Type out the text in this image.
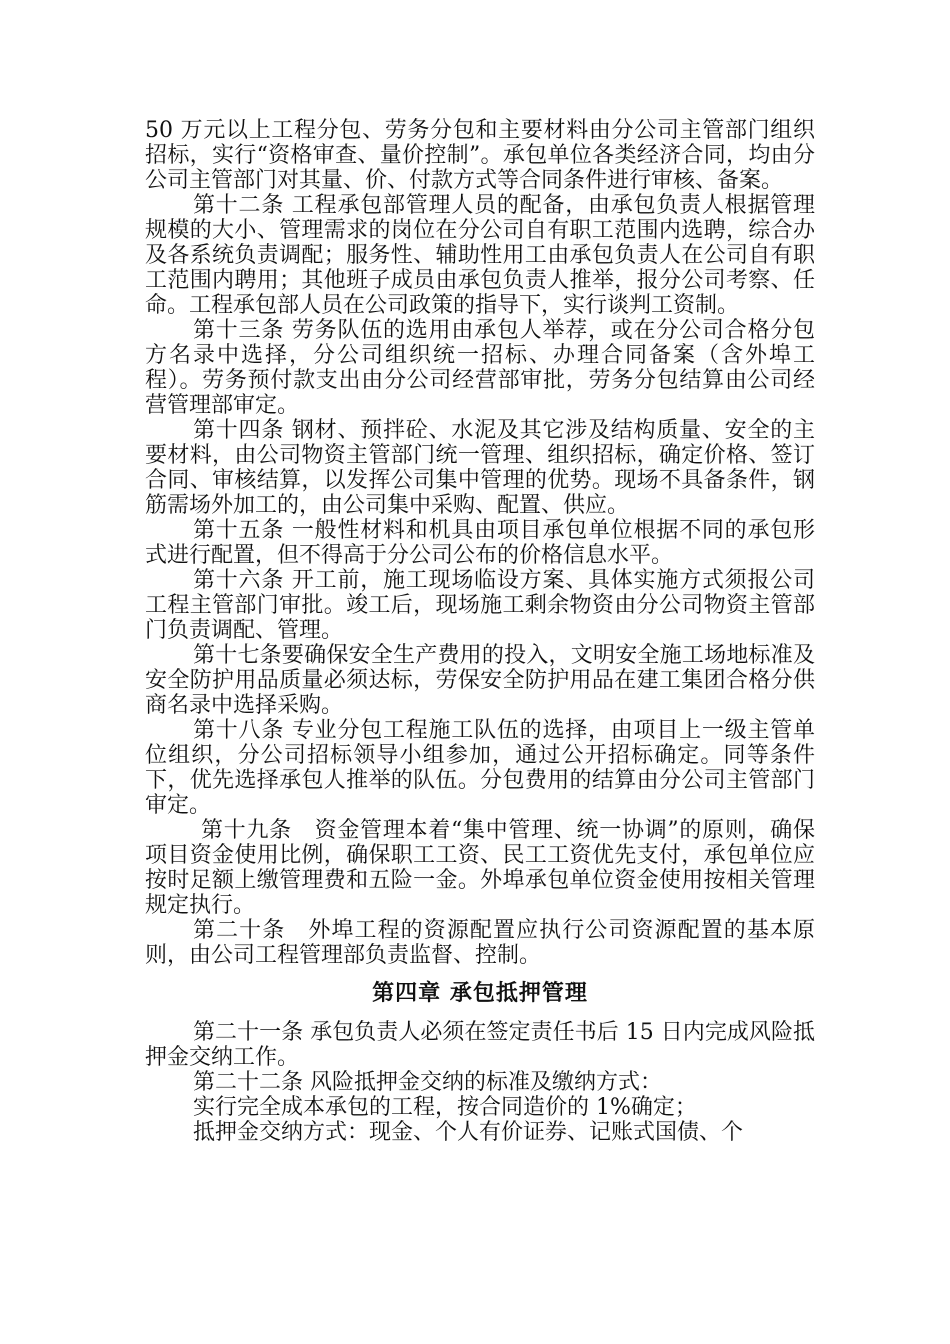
50 万元以上工程分包、劳务分包和主要材料由分公司主管部门组织招标，实行“资格审查、量价控制”。承包单位各类经济合同，均由分公司主管部门对其量、价、付款方式等合同条件进行审核、备案。

第十二条 工程承包部管理人员的配备，由承包负责人根据管理规模的大小、管理需求的岗位在分公司自有职工范围内选聘，综合办及各系统负责调配；服务性、辅助性用工由承包负责人在公司自有职工范围内聘用；其他班子成员由承包负责人推举，报分公司考察、任命。工程承包部人员在公司政策的指导下，实行谈判工资制。

第十三条 劳务队伍的选用由承包人举荐，或在分公司合格分包方名录中选择，分公司组织统一招标、办理合同备案（含外埠工程）。劳务预付款支出由分公司经营部审批，劳务分包结算由公司经营管理部审定。

第十四条 钢材、预拌砼、水泥及其它涉及结构质量、安全的主要材料，由公司物资主管部门统一管理、组织招标，确定价格、签订合同、审核结算，以发挥公司集中管理的优势。现场不具备条件，钢筋需场外加工的，由公司集中采购、配置、供应。

第十五条 一般性材料和机具由项目承包单位根据不同的承包形式进行配置，但不得高于分公司公布的价格信息水平。

第十六条 开工前，施工现场临设方案、具体实施方式须报公司工程主管部门审批。竣工后，现场施工剩余物资由分公司物资主管部门负责调配、管理。

第十七条要确保安全生产费用的投入，文明安全施工场地标准及安全防护用品质量必须达标，劳保安全防护用品在建工集团合格分供商名录中选择采购。

第十八条 专业分包工程施工队伍的选择，由项目上一级主管单位组织，分公司招标领导小组参加，通过公开招标确定。同等条件下，优先选择承包人推举的队伍。分包费用的结算由分公司主管部门审定。

第十九条　资金管理本着“集中管理、统一协调”的原则，确保项目资金使用比例，确保职工工资、民工工资优先支付，承包单位应按时足额上缴管理费和五险一金。外埠承包单位资金使用按相关管理规定执行。

第二十条　外埠工程的资源配置应执行公司资源配置的基本原则，由公司工程管理部负责监督、控制。

第四章 承包抵押管理

第二十一条 承包负责人必须在签定责任书后 15 日内完成风险抵押金交纳工作。

第二十二条 风险抵押金交纳的标准及缴纳方式：

实行完全成本承包的工程，按合同造价的 1%确定；

抵押金交纳方式：现金、个人有价证券、记账式国债、个
